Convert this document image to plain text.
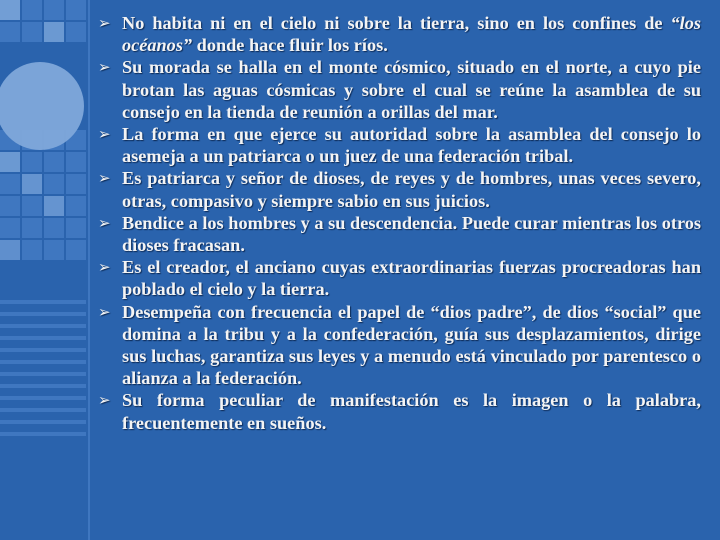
➢ No habita ni en el cielo ni sobre la tierra, sino en los confines de “los océanos” donde hace fluir los ríos.
➢ Su morada se halla en el monte cósmico, situado en el norte, a cuyo pie brotan las aguas cósmicas y sobre el cual se reúne la asamblea de su consejo en la tienda de reunión a orillas del mar.
➢ La forma en que ejerce su autoridad sobre la asamblea del consejo lo asemeja a un patriarca o un juez de una federación tribal.
➢ Es patriarca y señor de dioses, de reyes y de hombres, unas veces severo, otras, compasivo y siempre sabio en sus juicios.
➢ Bendice a los hombres y a su descendencia. Puede curar mientras los otros dioses fracasan.
➢ Es el creador, el anciano cuyas extraordinarias fuerzas procreadoras han poblado el cielo y la tierra.
➢ Desempeña con frecuencia el papel de “dios padre”, de dios “social” que domina a la tribu y a la confederación, guía sus desplazamientos, dirige sus luchas, garantiza sus leyes y a menudo está vinculado por parentesco o alianza a la federación.
➢ Su forma peculiar de manifestación es la imagen o la palabra, frecuentemente en sueños.
